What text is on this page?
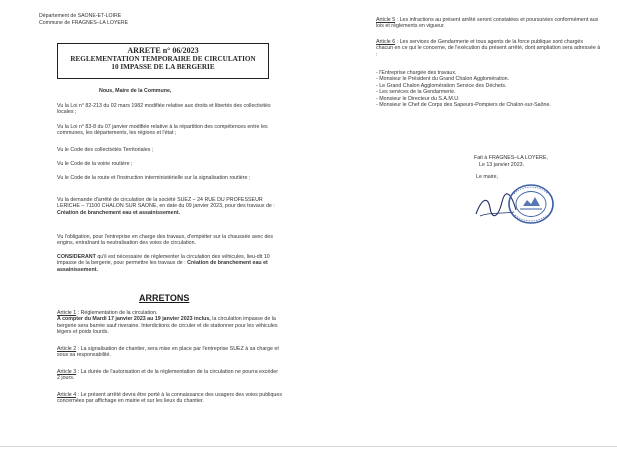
Département de SAONE-ET-LOIRE
Commune de FRAGNES–LA LOYERE
ARRETE n° 06/2023
REGLEMENTATION TEMPORAIRE DE CIRCULATION
10 IMPASSE DE LA BERGERIE
Nous, Maire de la Commune,
Vu la Loi n° 82-213 du 02 mars 1982 modifiée relative aux droits et libertés des collectivités locales ;
Vu la Loi n° 83-8 du 07 janvier modifiée relative à la répartition des compétences entre les communes, les départements, les régions et l'état ;
Vu le Code des collectivités Territoriales ;
Vu le Code de la voirie routière ;
Vu le Code de la route et l'instruction interministérielle sur la signalisation routière ;
Vu la demande d'arrêté de circulation de la société SUEZ – 24 RUE DU PROFESSEUR LERICHE – 71100 CHALON SUR SAONE, en date du 09 janvier 2023, pour des travaux de : Création de branchement eau et assainissement.
Vu l'obligation, pour l'entreprise en charge des travaux, d'empiéter sur la chaussée avec des engins, entraînant la neutralisation des voies de circulation.
CONSIDERANT qu'il est nécessaire de réglementer la circulation des véhicules, lieu-dit 10 impasse de la bergerie, pour permettre les travaux de : Création de branchement eau et assainissement.
ARRETONS
Article 1 : Réglementation de la circulation.
A compter du Mardi 17 janvier 2023 au 19 janvier 2023 inclus, la circulation impasse de la bergerie sera barrée sauf riveraine. Interdictions de circuler et de stationner pour les véhicules légers et poids lourds.
Article 2 : La signalisation de chantier, sera mise en place par l'entreprise SUEZ à sa charge et sous sa responsabilité.
Article 3 : La durée de l'autorisation et de la réglementation de la circulation ne pourra excéder 2 jours.
Article 4 : Le présent arrêté devra être porté à la connaissance des usagers des voies publiques concernées par affichage en mairie et sur les lieux du chantier.
Article 5 : Les infractions au présent arrêté seront constatées et poursuivies conformément aux lois et règlements en vigueur.
Article 6 : Les services de Gendarmerie et tous agents de la force publique sont chargés chacun en ce qui le concerne, de l'exécution du présent arrêté, dont ampliation sera adressée à :
- l'Entreprise chargée des travaux.
- Monsieur le Président du Grand Chalon Agglomération.
- Le Grand Chalon Agglomération Service des Déchets.
- Les services de la Gendarmerie.
- Monsieur le Directeur du S.A.M.U.
- Monsieur le Chef de Corps des Sapeurs-Pompiers de Chalon-sur-Saône.
Fait à FRAGNES–LA LOYERE,
Le 13 janvier 2023.
Le maire,
